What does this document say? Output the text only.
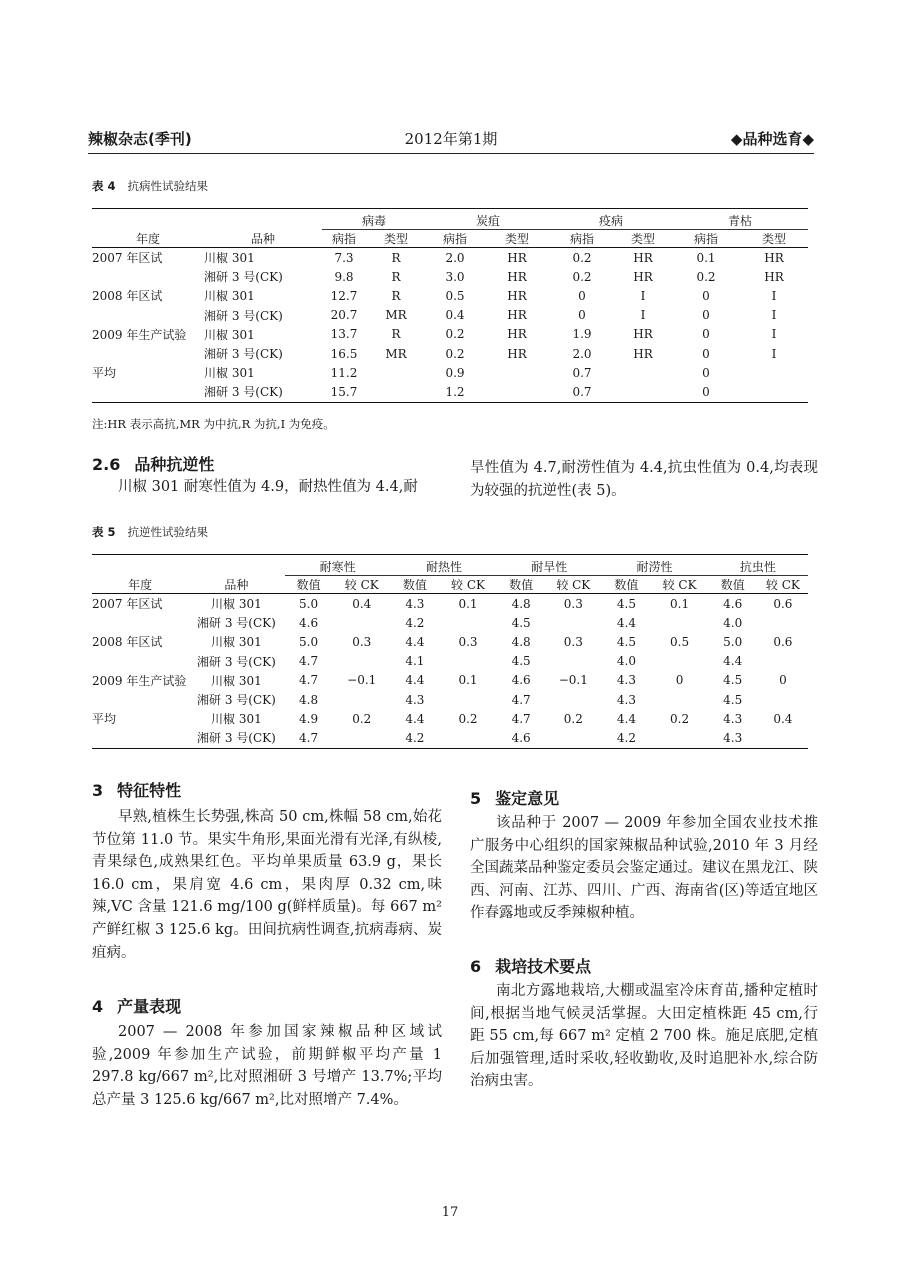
辣椒杂志(季刊)	2012年第1期	◆品种选育◆
表 4 抗病性试验结果
年度	品种	病毒		炭疽		疫病		青枯	
		病指	类型	病指	类型	病指	类型	病指	类型
2007 年区试	川椒 301	7.3	R	2.0	HR	0.2	HR	0.1	HR
	湘研 3 号(CK)	9.8	R	3.0	HR	0.2	HR	0.2	HR
2008 年区试	川椒 301	12.7	R	0.5	HR	0	I	0	I
	湘研 3 号(CK)	20.7	MR	0.4	HR	0	I	0	I
2009 年生产试验	川椒 301	13.7	R	0.2	HR	1.9	HR	0	I
	湘研 3 号(CK)	16.5	MR	0.2	HR	2.0	HR	0	I
平均	川椒 301	11.2		0.9		0.7		0	
	湘研 3 号(CK)	15.7		1.2		0.7		0	
注:HR 表示高抗,MR 为中抗,R 为抗,I 为免疫。
2.6 品种抗逆性
川椒 301 耐寒性值为 4.9，耐热性值为 4.4,耐
旱性值为 4.7,耐涝性值为 4.4,抗虫性值为 0.4,均表现为较强的抗逆性(表 5)。
表 5 抗逆性试验结果
年度	品种	耐寒性		耐热性		耐旱性		耐涝性		抗虫性	
		数值	较 CK	数值	较 CK	数值	较 CK	数值	较 CK	数值	较 CK
2007 年区试	川椒 301	5.0	0.4	4.3	0.1	4.8	0.3	4.5	0.1	4.6	0.6
	湘研 3 号(CK)	4.6		4.2		4.5		4.4		4.0	
2008 年区试	川椒 301	5.0	0.3	4.4	0.3	4.8	0.3	4.5	0.5	5.0	0.6
	湘研 3 号(CK)	4.7		4.1		4.5		4.0		4.4	
2009 年生产试验	川椒 301	4.7	−0.1	4.4	0.1	4.6	−0.1	4.3	0	4.5	0
	湘研 3 号(CK)	4.8		4.3		4.7		4.3		4.5	
平均	川椒 301	4.9	0.2	4.4	0.2	4.7	0.2	4.4	0.2	4.3	0.4
	湘研 3 号(CK)	4.7		4.2		4.6		4.2		4.3	
3 特征特性
早熟,植株生长势强,株高 50 cm,株幅 58 cm,始花节位第 11.0 节。果实牛角形,果面光滑有光泽,有纵棱,青果绿色,成熟果红色。平均单果质量 63.9 g，果长 16.0 cm，果肩宽 4.6 cm，果肉厚 0.32 cm,味辣,VC 含量 121.6 mg/100 g(鲜样质量)。每 667 m² 产鲜红椒 3 125.6 kg。田间抗病性调查,抗病毒病、炭疽病。
4 产量表现
2007 — 2008 年参加国家辣椒品种区域试验,2009 年参加生产试验，前期鲜椒平均产量 1 297.8 kg/667 m²,比对照湘研 3 号增产 13.7%;平均总产量 3 125.6 kg/667 m²,比对照增产 7.4%。
5 鉴定意见
该品种于 2007 — 2009 年参加全国农业技术推广服务中心组织的国家辣椒品种试验,2010 年 3 月经全国蔬菜品种鉴定委员会鉴定通过。建议在黑龙江、陕西、河南、江苏、四川、广西、海南省(区)等适宜地区作春露地或反季辣椒种植。
6 栽培技术要点
南北方露地栽培,大棚或温室冷床育苗,播种定植时间,根据当地气候灵活掌握。大田定植株距 45 cm,行距 55 cm,每 667 m² 定植 2 700 株。施足底肥,定植后加强管理,适时采收,轻收勤收,及时追肥补水,综合防治病虫害。
17
